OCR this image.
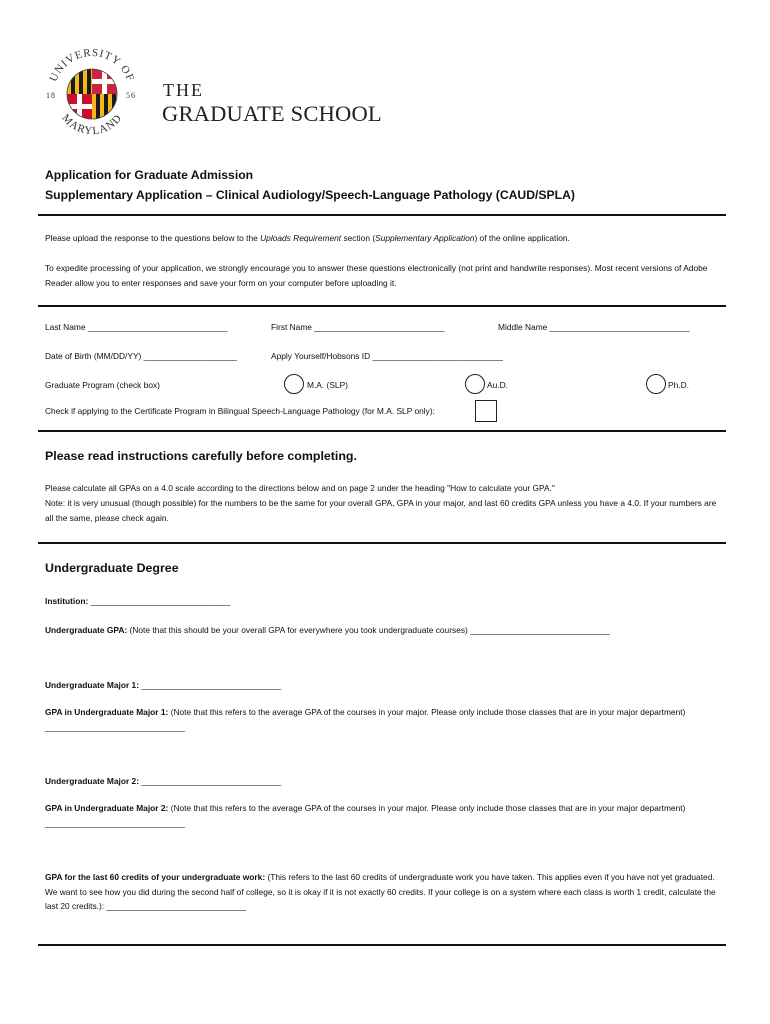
UNIVERSITY OF
MARYLAND
18	56 THE
GRADUATE SCHOOL
Application for Graduate Admission
Supplementary Application – Clinical Audiology/Speech-Language Pathology (CAUD/SPLA)
Please upload the response to the questions below to the Uploads Requirement section (Supplementary Application) of the online application.
To expedite processing of your application, we strongly encourage you to answer these questions electronically (not print and handwrite responses). Most recent versions of Adobe Reader allow you to enter responses and save your form on your computer before uploading it.
Last Name ______________________________	First Name ____________________________	Middle Name ______________________________
Date of Birth (MM/DD/YY) ____________________	Apply Yourself/Hobsons ID ____________________________
Graduate Program (check box)	M.A. (SLP)	Au.D.	Ph.D.
Check if applying to the Certificate Program in Bilingual Speech-Language Pathology (for M.A. SLP only):
Please read instructions carefully before completing.
Please calculate all GPAs on a 4.0 scale according to the directions below and on page 2 under the heading "How to calculate your GPA."
Note: it is very unusual (though possible) for the numbers to be the same for your overall GPA, GPA in your major, and last 60 credits GPA unless you have a 4.0. If your numbers are all the same, please check again.
Undergraduate Degree
Institution: ______________________________
Undergraduate GPA: (Note that this should be your overall GPA for everywhere you took undergraduate courses) ______________________________
Undergraduate Major 1: ______________________________
GPA in Undergraduate Major 1: (Note that this refers to the average GPA of the courses in your major. Please only include those classes that are in your major department) ______________________________
Undergraduate Major 2: ______________________________
GPA in Undergraduate Major 2: (Note that this refers to the average GPA of the courses in your major. Please only include those classes that are in your major department) ______________________________
GPA for the last 60 credits of your undergraduate work: (This refers to the last 60 credits of undergraduate work you have taken. This applies even if you have not yet graduated. We want to see how you did during the second half of college, so it is okay if it is not exactly 60 credits. If your college is on a system where each class is worth 1 credit, calculate the last 20 credits.): ______________________________
